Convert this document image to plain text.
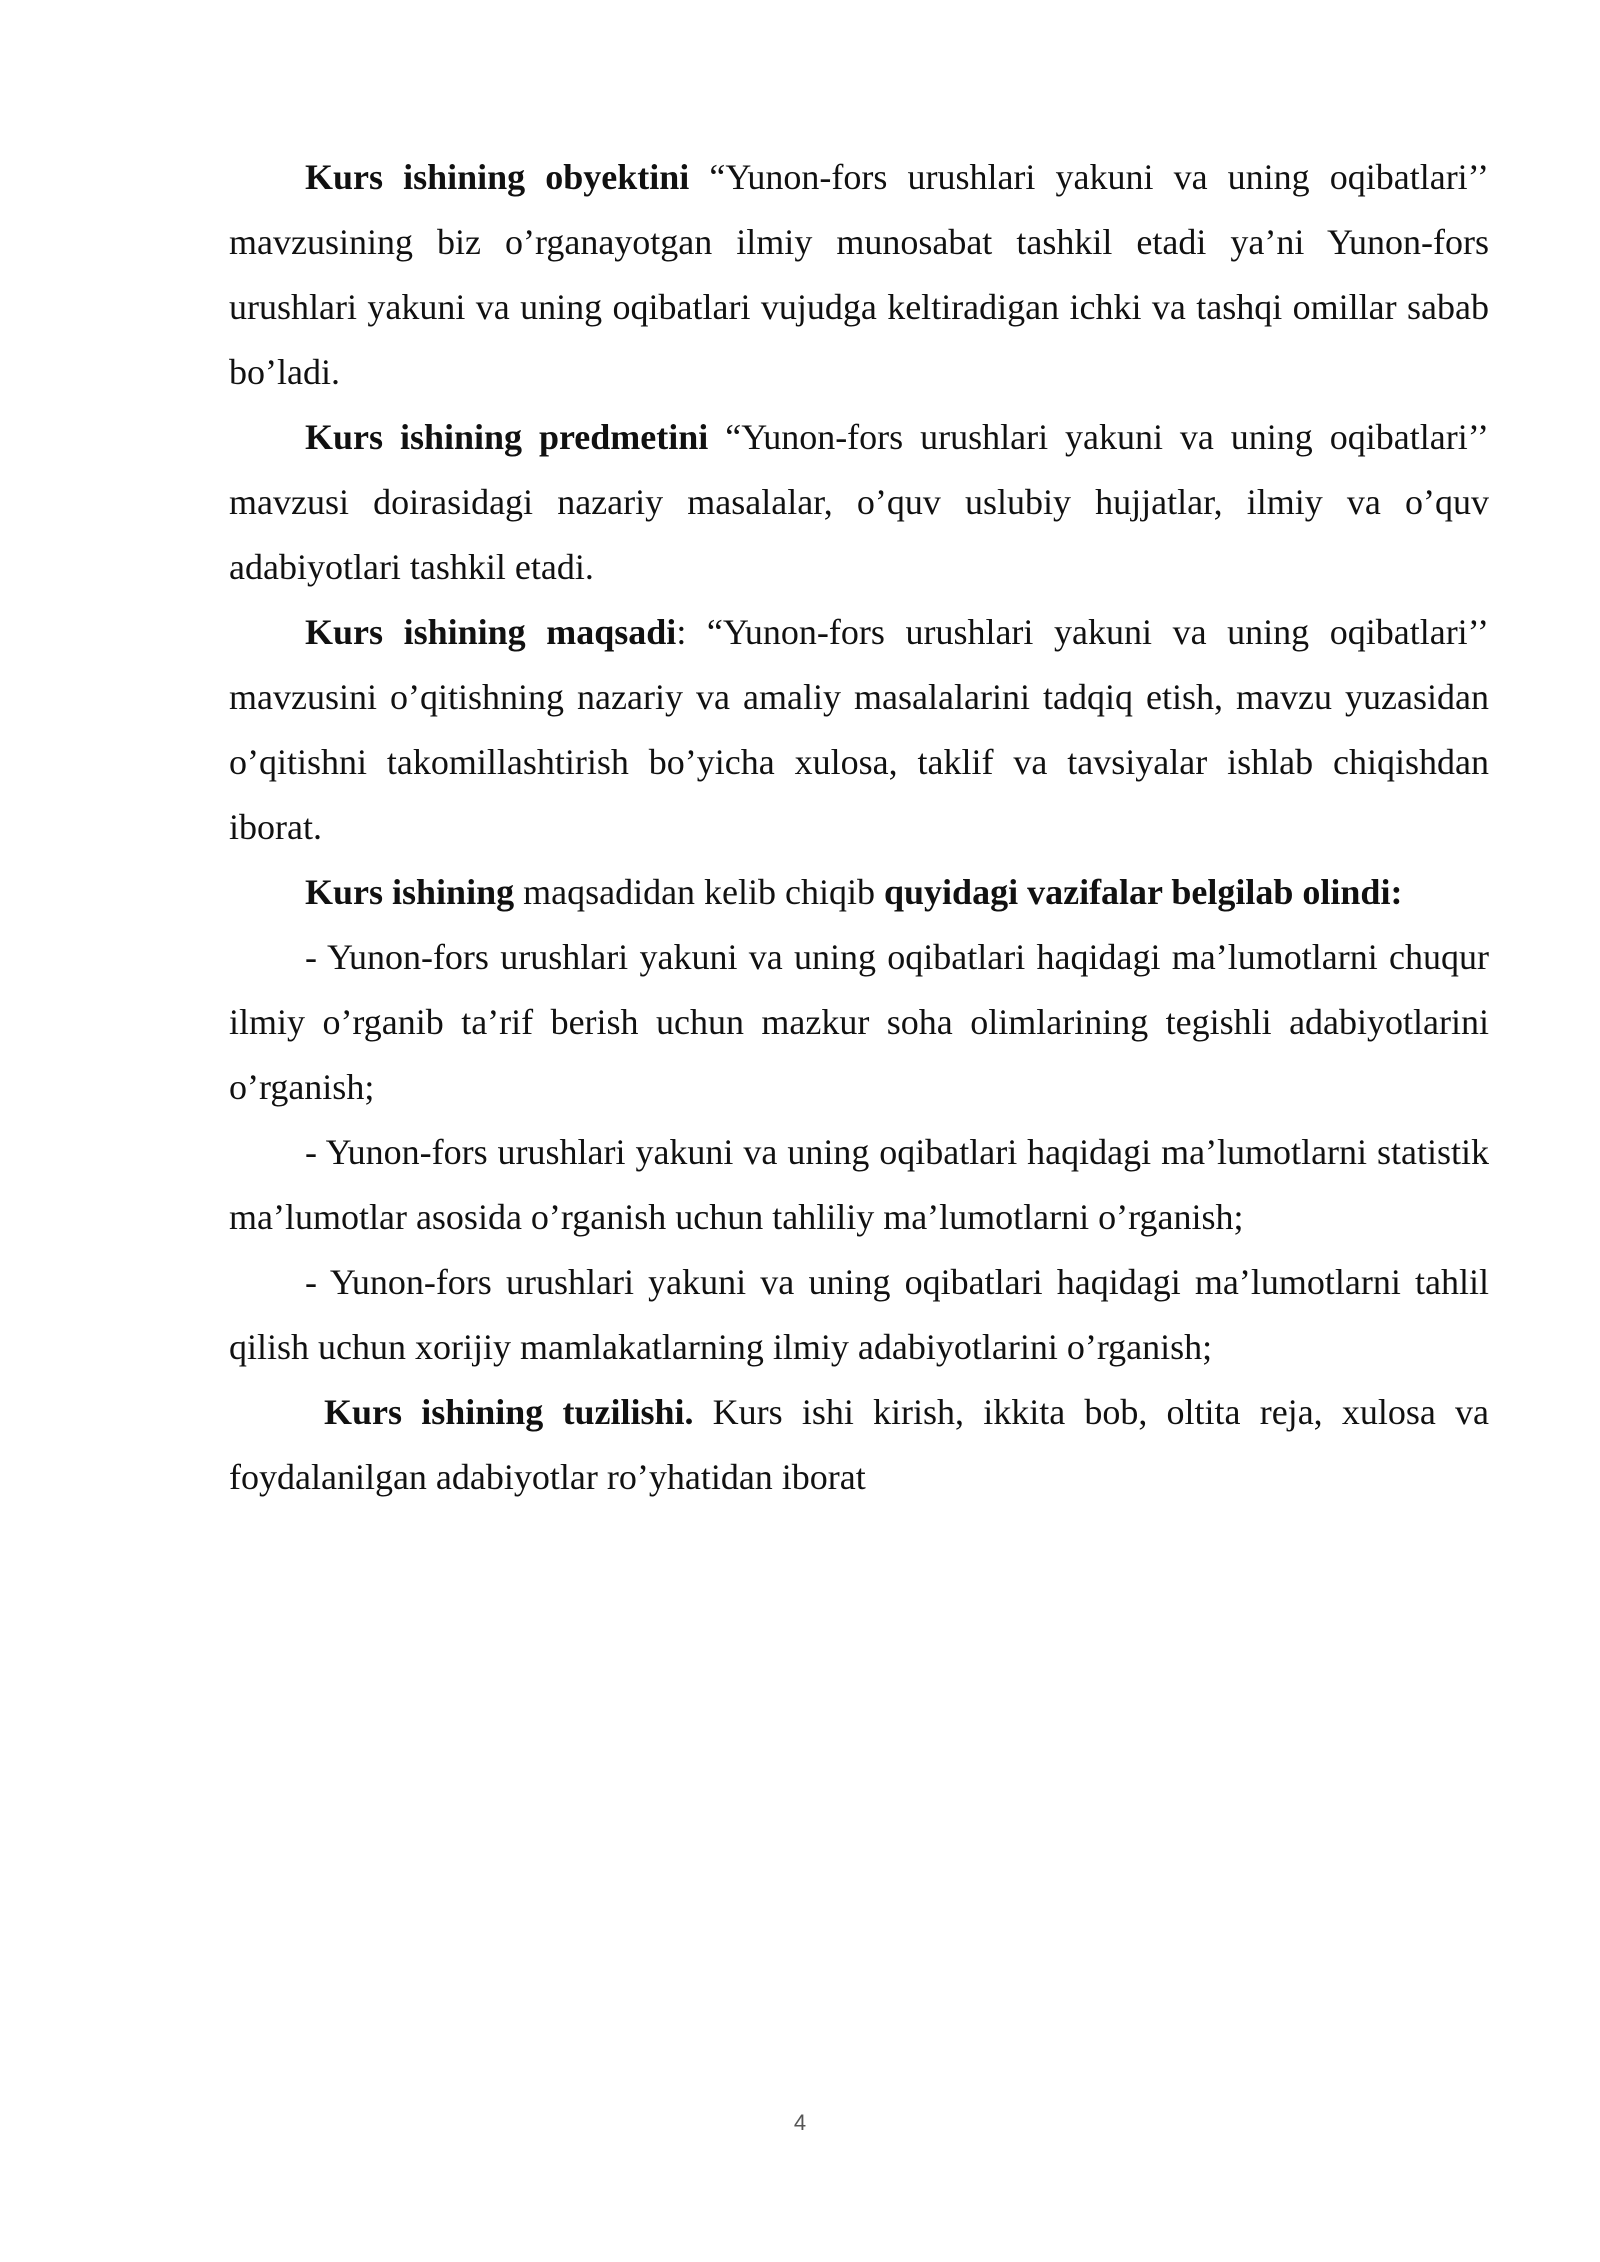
Kurs ishining obyektini “Yunon-fors urushlari yakuni va uning oqibatlari’’ mavzusining biz o’rganayotgan ilmiy munosabat tashkil etadi ya’ni Yunon-fors urushlari yakuni va uning oqibatlari vujudga keltiradigan ichki va tashqi omillar sabab bo’ladi.

Kurs ishining predmetini “Yunon-fors urushlari yakuni va uning oqibatlari’’ mavzusi doirasidagi nazariy masalalar, o’quv uslubiy hujjatlar, ilmiy va o’quv adabiyotlari tashkil etadi.

Kurs ishining maqsadi: “Yunon-fors urushlari yakuni va uning oqibatlari’’ mavzusini o’qitishning nazariy va amaliy masalalarini tadqiq etish, mavzu yuzasidan o’qitishni takomillashtirish bo’yicha xulosa, taklif va tavsiyalar ishlab chiqishdan iborat.

Kurs ishining maqsadidan kelib chiqib quyidagi vazifalar belgilab olindi:

- Yunon-fors urushlari yakuni va uning oqibatlari haqidagi ma’lumotlarni chuqur ilmiy o’rganib ta’rif berish uchun mazkur soha olimlarining tegishli adabiyotlarini o’rganish;

- Yunon-fors urushlari yakuni va uning oqibatlari haqidagi ma’lumotlarni statistik ma’lumotlar asosida o’rganish uchun tahliliy ma’lumotlarni o’rganish;

- Yunon-fors urushlari yakuni va uning oqibatlari haqidagi ma’lumotlarni tahlil qilish uchun xorijiy mamlakatlarning ilmiy adabiyotlarini o’rganish;

Kurs ishining tuzilishi. Kurs ishi kirish, ikkita bob, oltita reja, xulosa va foydalanilgan adabiyotlar ro’yhatidan iborat

4
